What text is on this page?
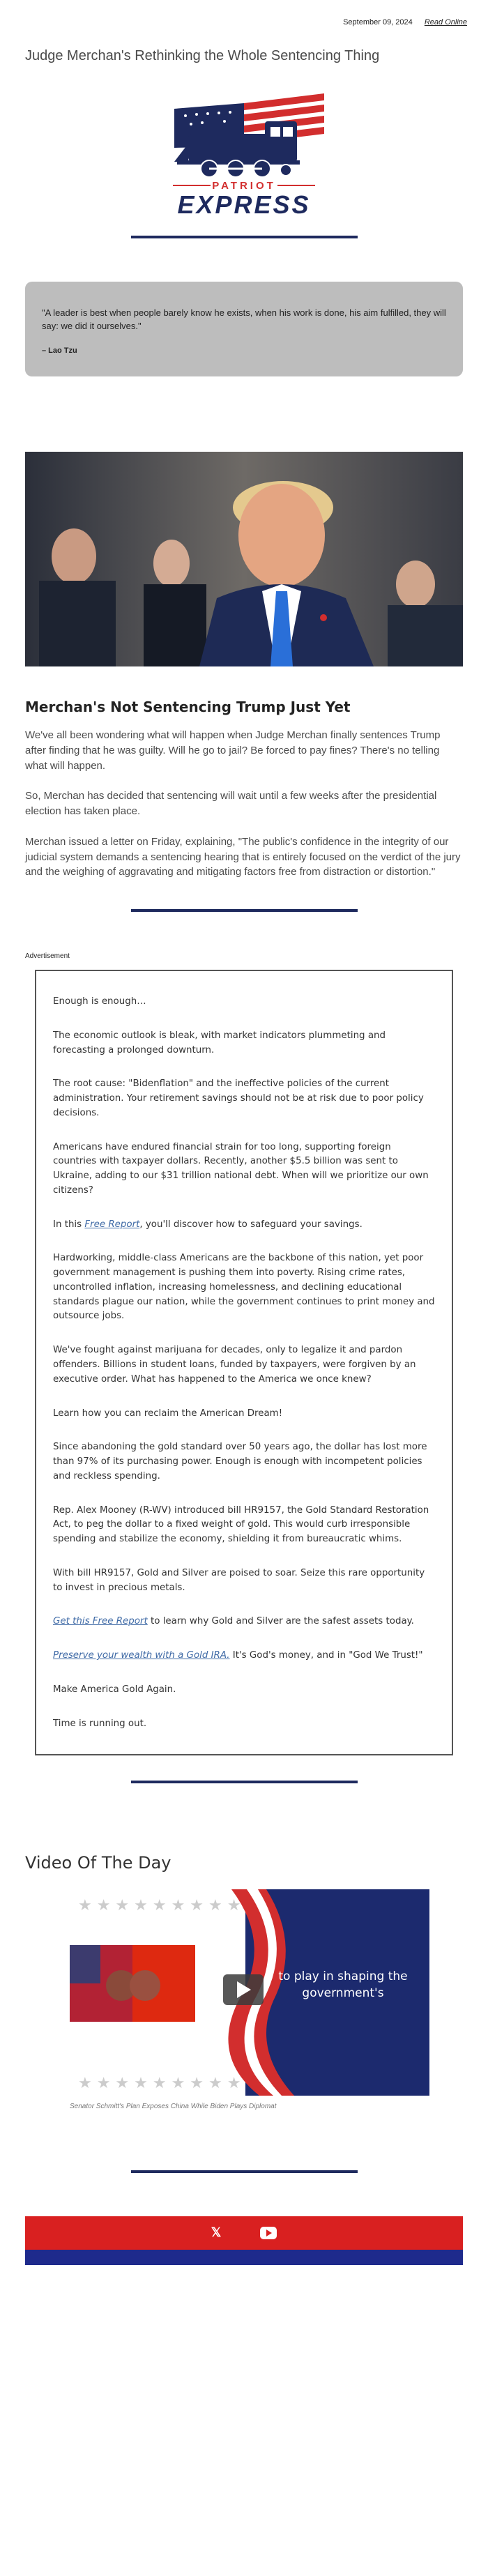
September 09, 2024 Read Online
Judge Merchan's Rethinking the Whole Sentencing Thing
PATRIOT
EXPRESS
"A leader is best when people barely know he exists, when his work is done, his aim fulfilled, they will say: we did it ourselves."
– Lao Tzu
Merchan's Not Sentencing Trump Just Yet

We've all been wondering what will happen when Judge Merchan finally sentences Trump after finding that he was guilty. Will he go to jail? Be forced to pay fines? There's no telling what will happen.

So, Merchan has decided that sentencing will wait until a few weeks after the presidential election has taken place.

Merchan issued a letter on Friday, explaining, "The public's confidence in the integrity of our judicial system demands a sentencing hearing that is entirely focused on the verdict of the jury and the weighing of aggravating and mitigating factors free from distraction or distortion."

Advertisement

Enough is enough…

The economic outlook is bleak, with market indicators plummeting and forecasting a prolonged downturn.

The root cause: "Bidenflation" and the ineffective policies of the current administration. Your retirement savings should not be at risk due to poor policy decisions.

Americans have endured financial strain for too long, supporting foreign countries with taxpayer dollars. Recently, another $5.5 billion was sent to Ukraine, adding to our $31 trillion national debt. When will we prioritize our own citizens?

In this Free Report, you'll discover how to safeguard your savings.

Hardworking, middle-class Americans are the backbone of this nation, yet poor government management is pushing them into poverty. Rising crime rates, uncontrolled inflation, increasing homelessness, and declining educational standards plague our nation, while the government continues to print money and outsource jobs.

We've fought against marijuana for decades, only to legalize it and pardon offenders. Billions in student loans, funded by taxpayers, were forgiven by an executive order. What has happened to the America we once knew?

Learn how you can reclaim the American Dream!

Since abandoning the gold standard over 50 years ago, the dollar has lost more than 97% of its purchasing power. Enough is enough with incompetent policies and reckless spending.

Rep. Alex Mooney (R-WV) introduced bill HR9157, the Gold Standard Restoration Act, to peg the dollar to a fixed weight of gold. This would curb irresponsible spending and stabilize the economy, shielding it from bureaucratic whims.

With bill HR9157, Gold and Silver are poised to soar. Seize this rare opportunity to invest in precious metals.

Get this Free Report to learn why Gold and Silver are the safest assets today.

Preserve your wealth with a Gold IRA. It's God's money, and in "God We Trust!"

Make America Gold Again.

Time is running out.

Video Of The Day
★ ★ ★ ★ ★ ★ ★ ★ ★
★ ★ ★ ★ ★ ★ ★ ★ ★
to play in shaping the
government's
Senator Schmitt's Plan Exposes China While Biden Plays Diplomat
𝕏
